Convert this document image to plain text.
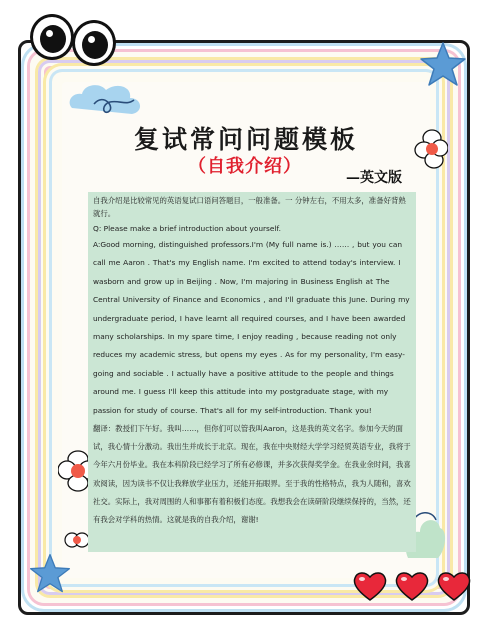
复试常问问题模板
（自我介绍）
—英文版

自我介绍是比较常见的英语复试口语问答题目，一般准备。一 分钟左右，不用太多，准备好背熟就行。

Q: Please make a brief introduction about yourself.

A:Good morning, distinguished professors.I'm (My full name is.) …… , but you can call me Aaron . That's my English name. I'm excited to attend today's interview. I wasborn and grow up in Beijing . Now, I'm majoring in Business English at The Central University of Finance and Economics , and I'll graduate this June. During my undergraduate period, I have learnt all required courses, and I have been awarded many scholarships. In my spare time, I enjoy reading , because reading not only reduces my academic stress, but opens my eyes . As for my personality, I'm easy-going and sociable . I actually have a positive attitude to the people and things around me. I guess I'll keep this attitude into my postgraduate stage, with my passion for study of course. That's all for my self-introduction. Thank you!

翻译：教授们下午好。我叫……，但你们可以管我叫Aaron，这是我的英文名字。参加今天的面试，我心情十分激动。我出生并成长于北京。现在，我在中央财经大学学习经贸英语专业，我将于今年六月份毕业。我在本科阶段已经学习了所有必修课，并多次获得奖学金。在我业余时间，我喜欢阅读，因为读书不仅让我释放学业压力，还能开拓眼界。至于我的性格特点，我为人随和，喜欢社交。实际上，我对周围的人和事都有着积极们态度。我想我会在读研阶段继续保持的，当然，还有我会对学科的热情。这就是我的自我介绍，谢谢!
